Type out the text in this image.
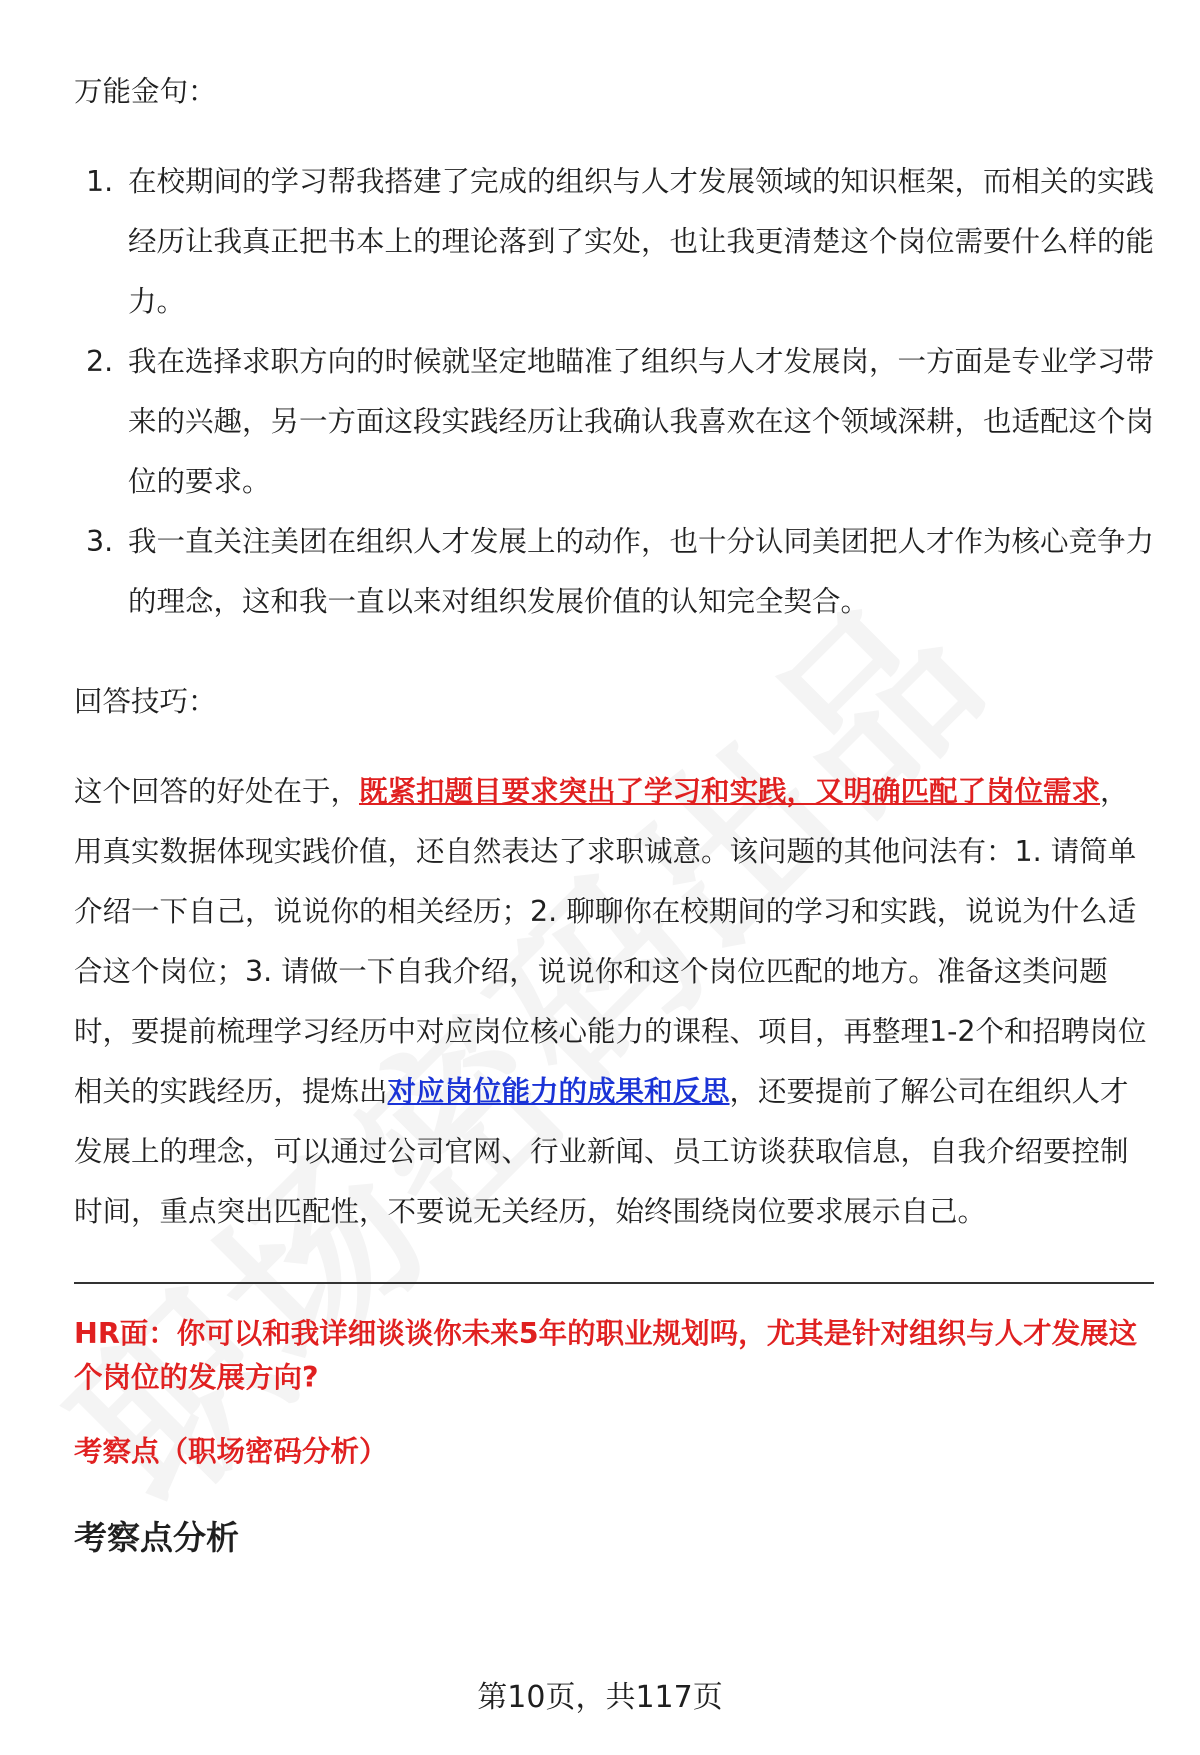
万能金句：

1. 在校期间的学习帮我搭建了完成的组织与人才发展领域的知识框架，而相关的实践经历让我真正把书本上的理论落到了实处，也让我更清楚这个岗位需要什么样的能力。
2. 我在选择求职方向的时候就坚定地瞄准了组织与人才发展岗，一方面是专业学习带来的兴趣，另一方面这段实践经历让我确认我喜欢在这个领域深耕，也适配这个岗位的要求。
3. 我一直关注美团在组织人才发展上的动作，也十分认同美团把人才作为核心竞争力的理念，这和我一直以来对组织发展价值的认知完全契合。

回答技巧：

这个回答的好处在于，既紧扣题目要求突出了学习和实践，又明确匹配了岗位需求，用真实数据体现实践价值，还自然表达了求职诚意。该问题的其他问法有：1. 请简单介绍一下自己，说说你的相关经历；2. 聊聊你在校期间的学习和实践，说说为什么适合这个岗位；3. 请做一下自我介绍，说说你和这个岗位匹配的地方。准备这类问题时，要提前梳理学习经历中对应岗位核心能力的课程、项目，再整理1-2个和招聘岗位相关的实践经历，提炼出对应岗位能力的成果和反思，还要提前了解公司在组织人才发展上的理念，可以通过公司官网、行业新闻、员工访谈获取信息，自我介绍要控制时间，重点突出匹配性，不要说无关经历，始终围绕岗位要求展示自己。

HR面：你可以和我详细谈谈你未来5年的职业规划吗，尤其是针对组织与人才发展这个岗位的发展方向?

考察点（职场密码分析）

考察点分析

第10页，共117页
